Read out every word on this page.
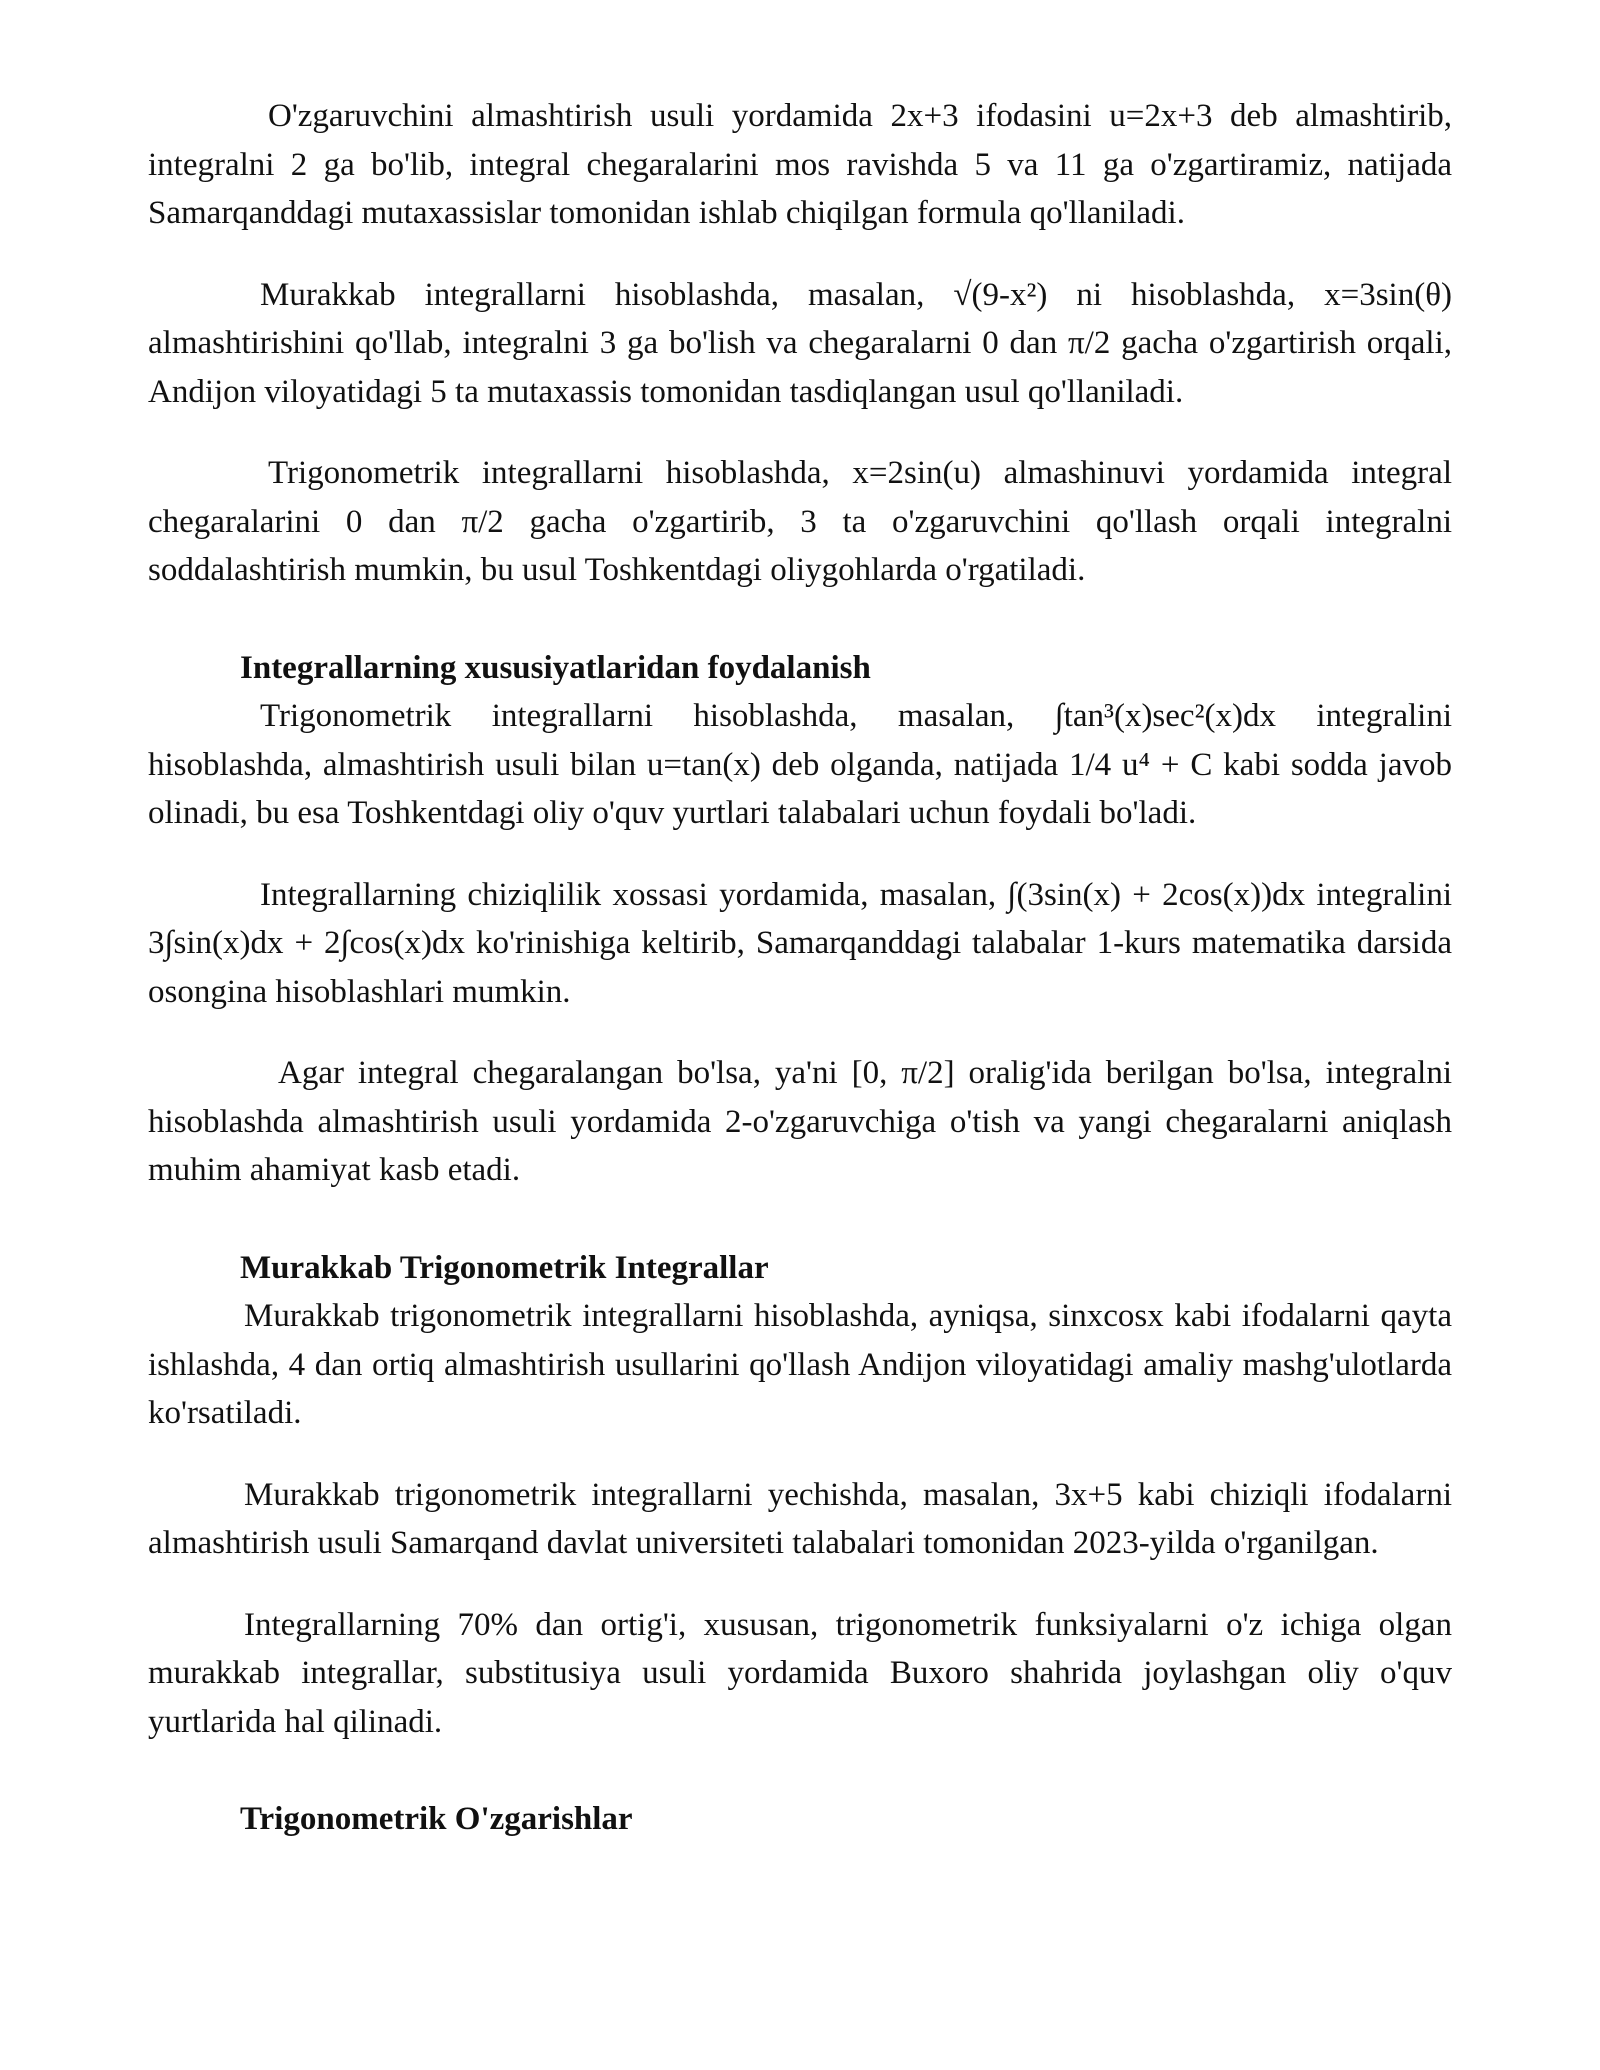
O'zgaruvchini almashtirish usuli yordamida 2x+3 ifodasini u=2x+3 deb almashtirib, integralni 2 ga bo'lib, integral chegaralarini mos ravishda 5 va 11 ga o'zgartiramiz, natijada Samarqanddagi mutaxassislar tomonidan ishlab chiqilgan formula qo'llaniladi.

Murakkab integrallarni hisoblashda, masalan, √(9-x²) ni hisoblashda, x=3sin(θ) almashtirishini qo'llab, integralni 3 ga bo'lish va chegaralarni 0 dan π/2 gacha o'zgartirish orqali, Andijon viloyatidagi 5 ta mutaxassis tomonidan tasdiqlangan usul qo'llaniladi.

Trigonometrik integrallarni hisoblashda, x=2sin(u) almashinuvi yordamida integral chegaralarini 0 dan π/2 gacha o'zgartirib, 3 ta o'zgaruvchini qo'llash orqali integralni soddalashtirish mumkin, bu usul Toshkentdagi oliygohlarda o'rgatiladi.

Integrallarning xususiyatlaridan foydalanish

Trigonometrik integrallarni hisoblashda, masalan, ∫tan³(x)sec²(x)dx integralini hisoblashda, almashtirish usuli bilan u=tan(x) deb olganda, natijada 1/4 u⁴ + C kabi sodda javob olinadi, bu esa Toshkentdagi oliy o'quv yurtlari talabalari uchun foydali bo'ladi.

Integrallarning chiziqlilik xossasi yordamida, masalan, ∫(3sin(x) + 2cos(x))dx integralini 3∫sin(x)dx + 2∫cos(x)dx ko'rinishiga keltirib, Samarqanddagi talabalar 1-kurs matematika darsida osongina hisoblashlari mumkin.

Agar integral chegaralangan bo'lsa, ya'ni [0, π/2] oralig'ida berilgan bo'lsa, integralni hisoblashda almashtirish usuli yordamida 2-o'zgaruvchiga o'tish va yangi chegaralarni aniqlash muhim ahamiyat kasb etadi.

Murakkab Trigonometrik Integrallar

Murakkab trigonometrik integrallarni hisoblashda, ayniqsa, sinxcosx kabi ifodalarni qayta ishlashda, 4 dan ortiq almashtirish usullarini qo'llash Andijon viloyatidagi amaliy mashg'ulotlarda ko'rsatiladi.

Murakkab trigonometrik integrallarni yechishda, masalan, 3x+5 kabi chiziqli ifodalarni almashtirish usuli Samarqand davlat universiteti talabalari tomonidan 2023-yilda o'rganilgan.

Integrallarning 70% dan ortig'i, xususan, trigonometrik funksiyalarni o'z ichiga olgan murakkab integrallar, substitusiya usuli yordamida Buxoro shahrida joylashgan oliy o'quv yurtlarida hal qilinadi.

Trigonometrik O'zgarishlar
